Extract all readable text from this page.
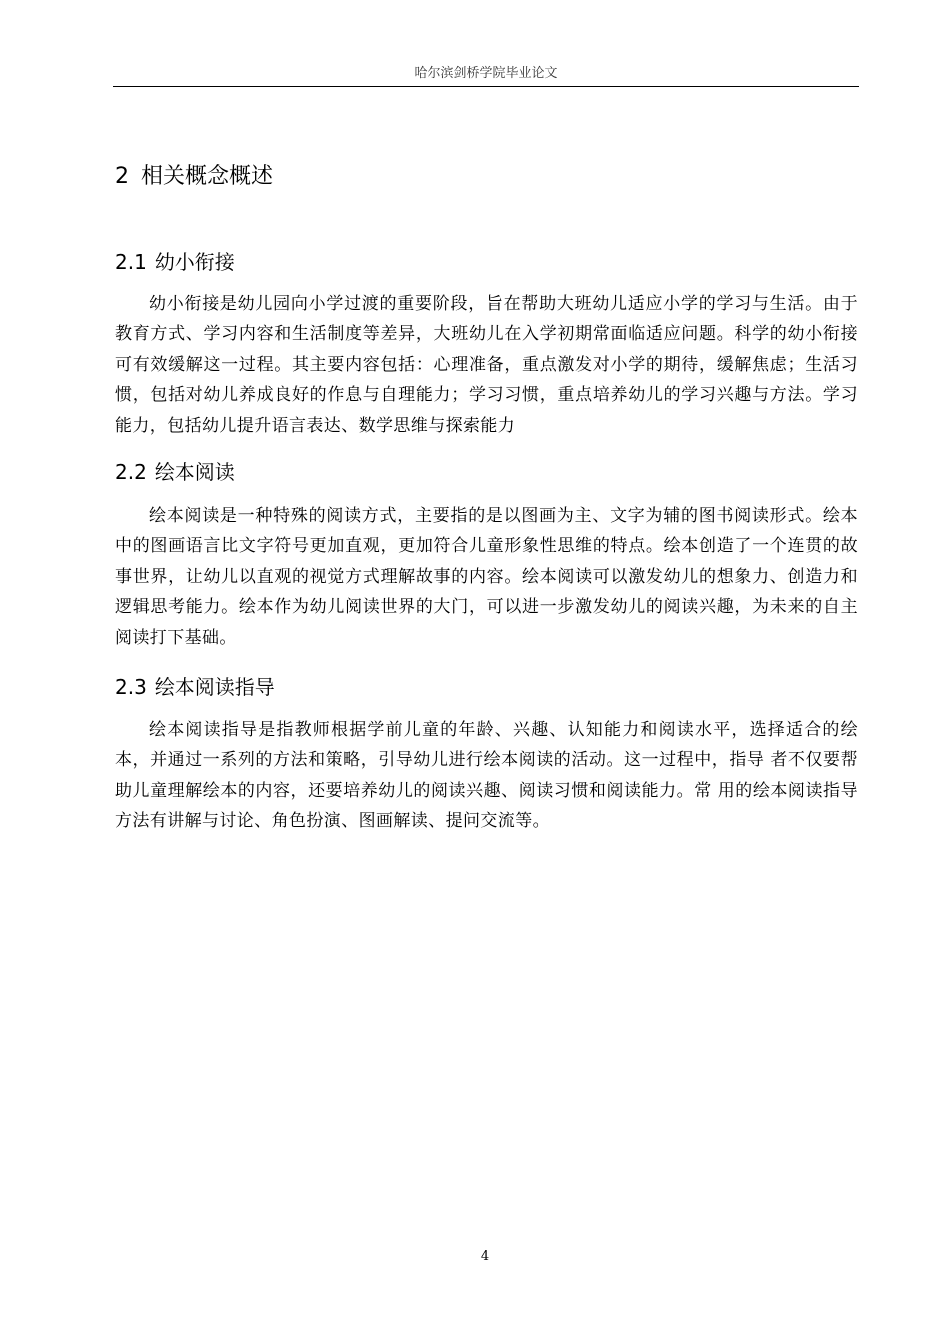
哈尔滨剑桥学院毕业论文
2 相关概念概述
2.1 幼小衔接

幼小衔接是幼儿园向小学过渡的重要阶段，旨在帮助大班幼儿适应小学的学习与生活。由于教育方式、学习内容和生活制度等差异，大班幼儿在入学初期常面临适应问题。科学的幼小衔接可有效缓解这一过程。其主要内容包括：心理准备，重点激发对小学的期待，缓解焦虑；生活习惯，包括对幼儿养成良好的作息与自理能力；学习习惯，重点培养幼儿的学习兴趣与方法。学习能力，包括幼儿提升语言表达、数学思维与探索能力

2.2 绘本阅读

绘本阅读是一种特殊的阅读方式，主要指的是以图画为主、文字为辅的图书阅读形式。绘本中的图画语言比文字符号更加直观，更加符合儿童形象性思维的特点。绘本创造了一个连贯的故事世界，让幼儿以直观的视觉方式理解故事的内容。绘本阅读可以激发幼儿的想象力、创造力和逻辑思考能力。绘本作为幼儿阅读世界的大门，可以进一步激发幼儿的阅读兴趣，为未来的自主阅读打下基础。

2.3 绘本阅读指导

绘本阅读指导是指教师根据学前儿童的年龄、兴趣、认知能力和阅读水平，选择适合的绘本，并通过一系列的方法和策略，引导幼儿进行绘本阅读的活动。这一过程中，指导 者不仅要帮助儿童理解绘本的内容，还要培养幼儿的阅读兴趣、阅读习惯和阅读能力。常 用的绘本阅读指导方法有讲解与讨论、角色扮演、图画解读、提问交流等。

4
